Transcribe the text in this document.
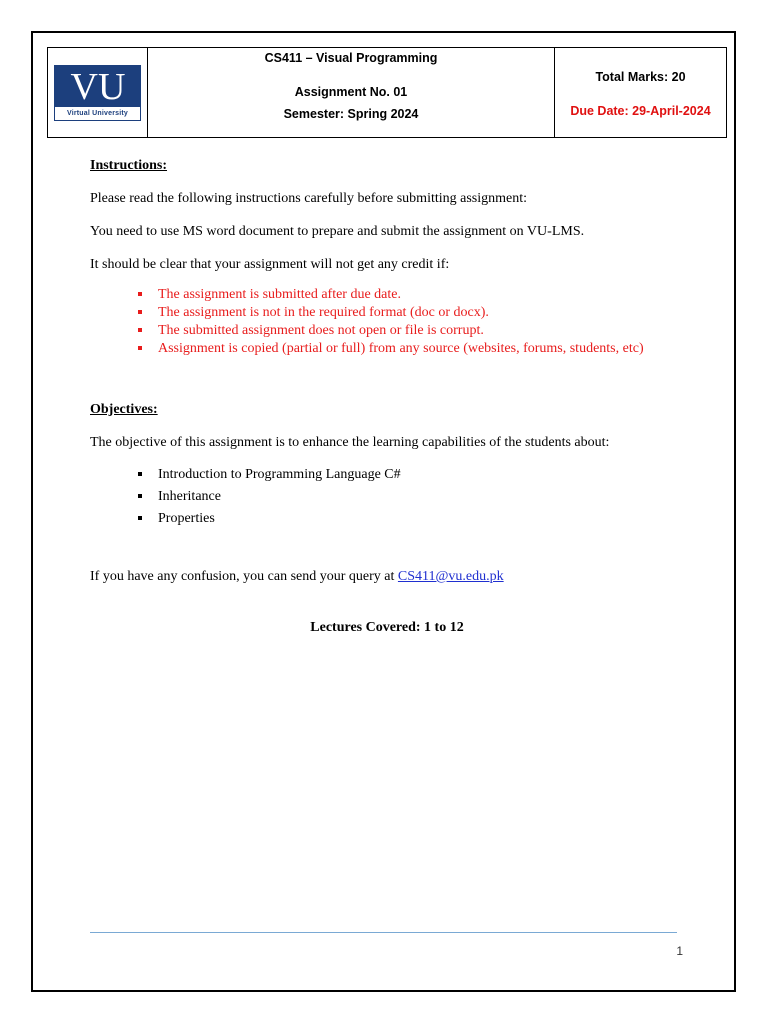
VU
Virtual University

CS411 – Visual Programming
Assignment No. 01
Semester: Spring 2024

Total Marks: 20
Due Date: 29-April-2024

Instructions:

Please read the following instructions carefully before submitting assignment:

You need to use MS word document to prepare and submit the assignment on VU-LMS.

It should be clear that your assignment will not get any credit if:

The assignment is submitted after due date.
The assignment is not in the required format (doc or docx).
The submitted assignment does not open or file is corrupt.
Assignment is copied (partial or full) from any source (websites, forums, students, etc)

Objectives:

The objective of this assignment is to enhance the learning capabilities of the students about:

Introduction to Programming Language C#
Inheritance
Properties

If you have any confusion, you can send your query at CS411@vu.edu.pk

Lectures Covered: 1 to 12

1
